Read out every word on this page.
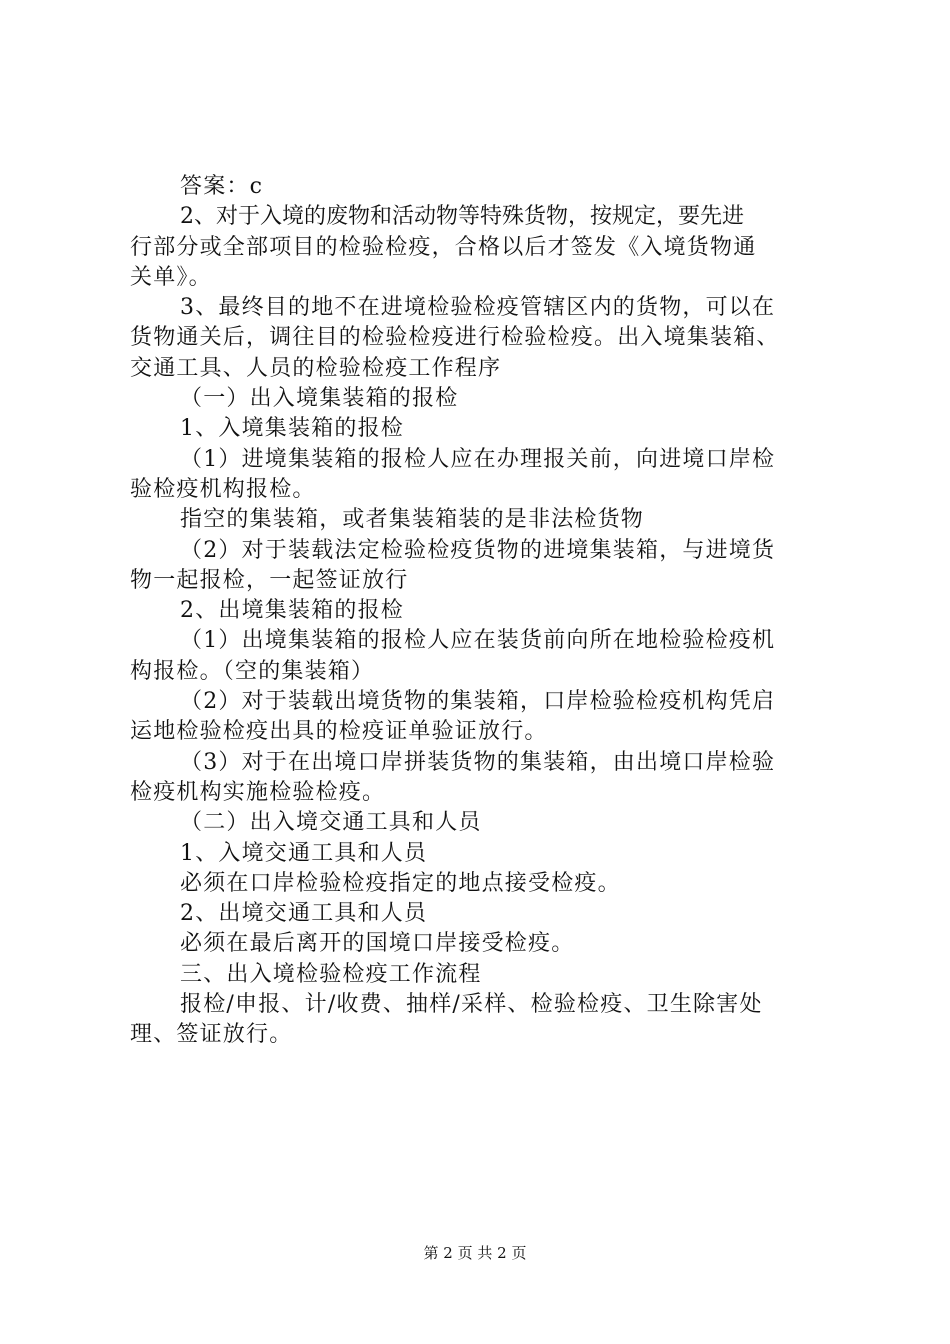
答案：c
2、对于入境的废物和活动物等特殊货物，按规定，要先进
行部分或全部项目的检验检疫，合格以后才签发《入境货物通
关单》。
3、最终目的地不在进境检验检疫管辖区内的货物，可以在
货物通关后，调往目的检验检疫进行检验检疫。出入境集装箱、
交通工具、人员的检验检疫工作程序
（一）出入境集装箱的报检
1、入境集装箱的报检
（1）进境集装箱的报检人应在办理报关前，向进境口岸检
验检疫机构报检。
指空的集装箱，或者集装箱装的是非法检货物
（2）对于装载法定检验检疫货物的进境集装箱，与进境货
物一起报检，一起签证放行
2、出境集装箱的报检
（1）出境集装箱的报检人应在装货前向所在地检验检疫机
构报检。（空的集装箱）
（2）对于装载出境货物的集装箱，口岸检验检疫机构凭启
运地检验检疫出具的检疫证单验证放行。
（3）对于在出境口岸拼装货物的集装箱，由出境口岸检验
检疫机构实施检验检疫。
（二）出入境交通工具和人员
1、入境交通工具和人员
必须在口岸检验检疫指定的地点接受检疫。
2、出境交通工具和人员
必须在最后离开的国境口岸接受检疫。
三、出入境检验检疫工作流程
报检/申报、计/收费、抽样/采样、检验检疫、卫生除害处
理、签证放行。
第 2 页 共 2 页
